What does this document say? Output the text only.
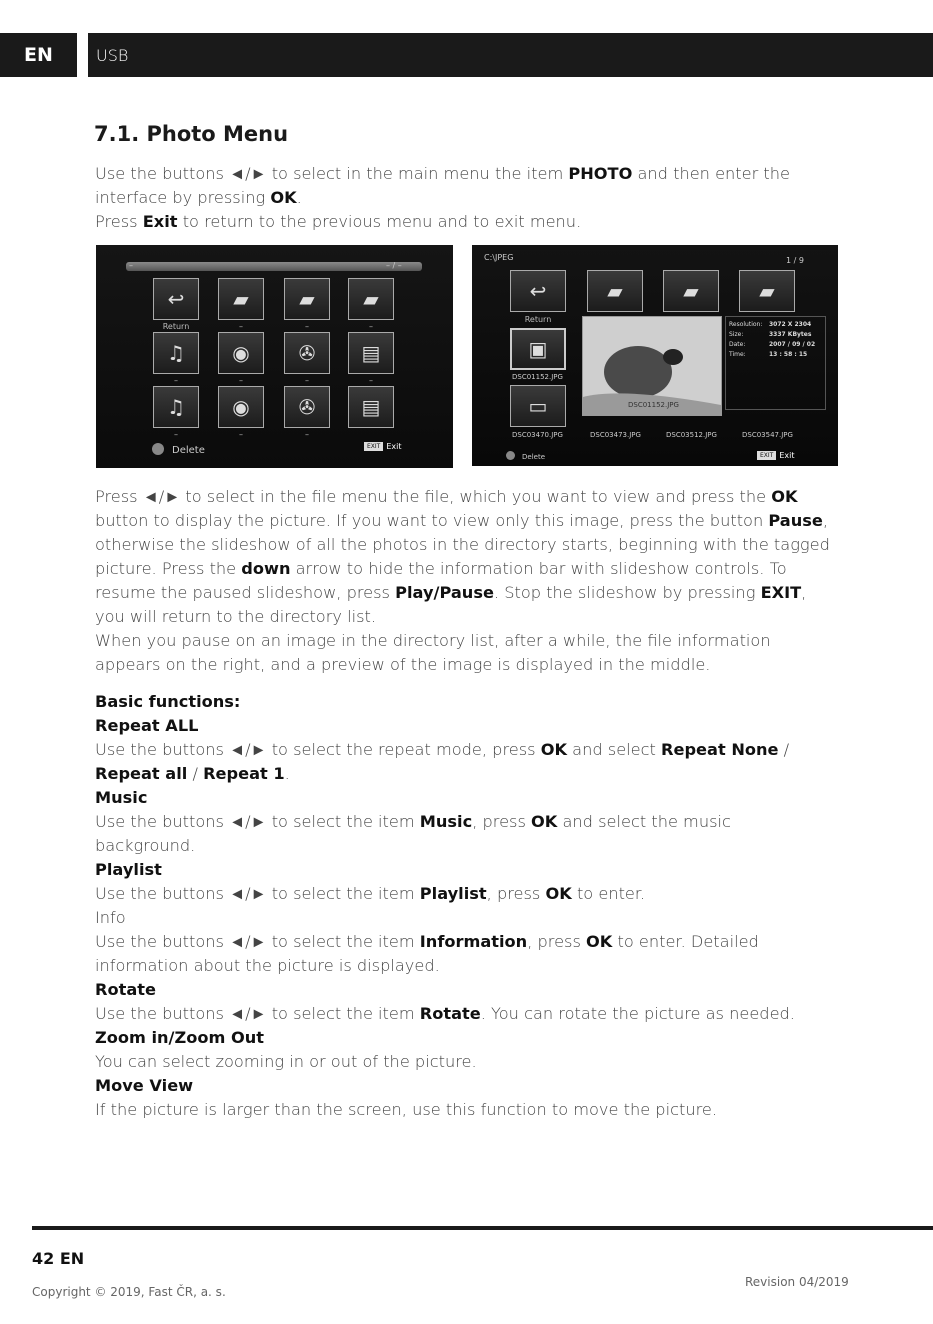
EN	USB
7.1. Photo Menu
Use the buttons ◄/► to select in the main menu the item PHOTO and then enter the
interface by pressing OK.
Press Exit to return to the previous menu and to exit menu.
–	– / –
↩	▰	▰	▰
Return	–	–	–
♫	◉	✇	▤
–	–	–	–
♫	◉	✇	▤
–	–	–
Delete	EXIT Exit
C:\JPEG	1 / 9
↩	▰	▰	▰
Return
▣
DSC01152.JPG
DSC01152.JPG
Resolution: 3072 X 2304
Size:	3337 KBytes
Date:	2007 / 09 / 02
Time:	13 : 58 : 15
▭
DSC03470.JPG	DSC03473.JPG	DSC03512.JPG	DSC03547.JPG
Delete	EXIT Exit
Press ◄/► to select in the file menu the file, which you want to view and press the OK
button to display the picture. If you want to view only this image, press the button Pause,
otherwise the slideshow of all the photos in the directory starts, beginning with the tagged
picture. Press the down arrow to hide the information bar with slideshow controls. To
resume the paused slideshow, press Play/Pause. Stop the slideshow by pressing EXIT,
you will return to the directory list.
When you pause on an image in the directory list, after a while, the file information
appears on the right, and a preview of the image is displayed in the middle.
Basic functions:
Repeat ALL
Use the buttons ◄/► to select the repeat mode, press OK and select Repeat None /
Repeat all / Repeat 1.
Music
Use the buttons ◄/► to select the item Music, press OK and select the music
background.
Playlist
Use the buttons ◄/► to select the item Playlist, press OK to enter.
Info
Use the buttons ◄/► to select the item Information, press OK to enter. Detailed
information about the picture is displayed.
Rotate
Use the buttons ◄/► to select the item Rotate. You can rotate the picture as needed.
Zoom in/Zoom Out
You can select zooming in or out of the picture.
Move View
If the picture is larger than the screen, use this function to move the picture.
42 EN
Copyright © 2019, Fast ČR, a. s.
Revision 04/2019
